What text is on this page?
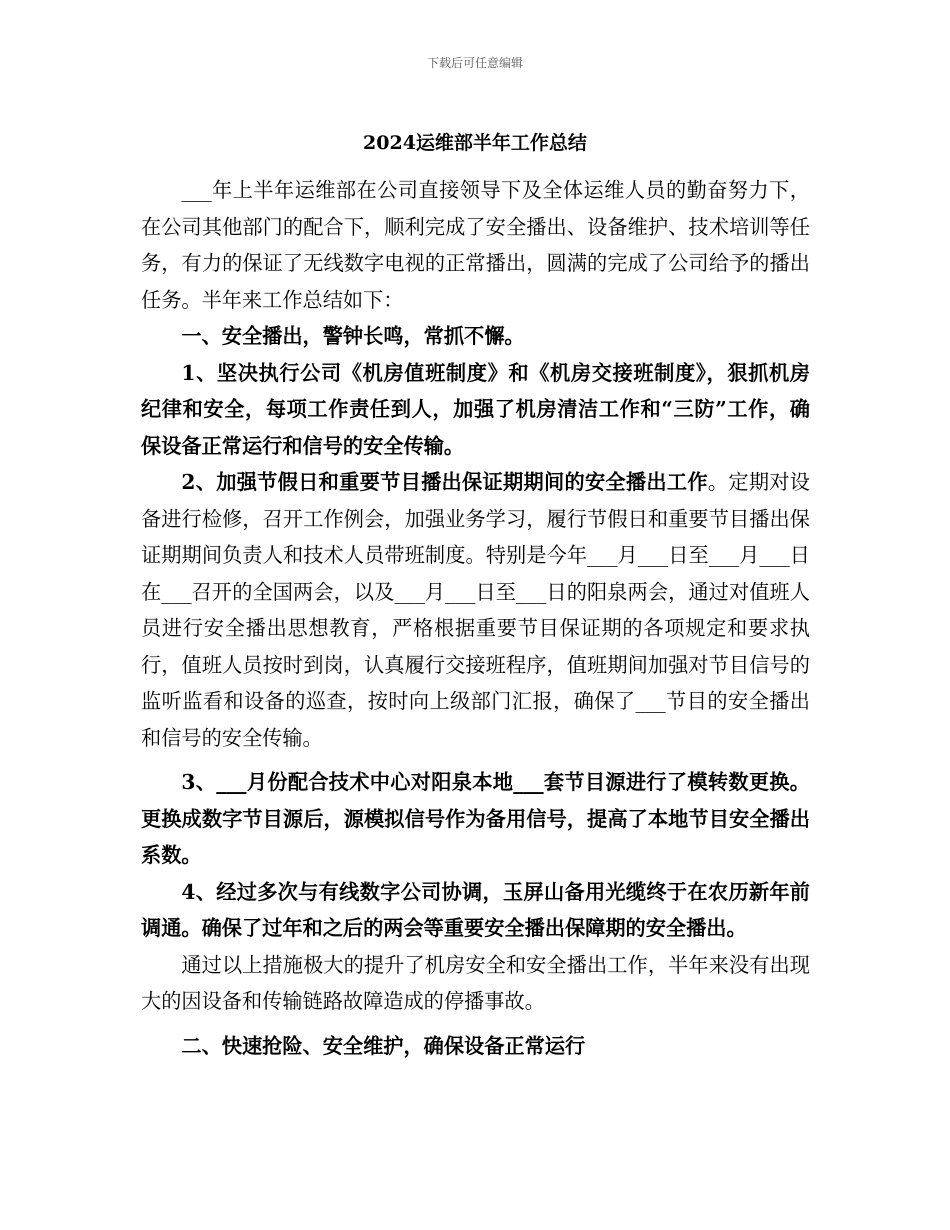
下载后可任意编辑
2024运维部半年工作总结

___年上半年运维部在公司直接领导下及全体运维人员的勤奋努力下，在公司其他部门的配合下，顺利完成了安全播出、设备维护、技术培训等任务，有力的保证了无线数字电视的正常播出，圆满的完成了公司给予的播出任务。半年来工作总结如下：

一、安全播出，警钟长鸣，常抓不懈。

1、坚决执行公司《机房值班制度》和《机房交接班制度》，狠抓机房纪律和安全，每项工作责任到人，加强了机房清洁工作和“三防”工作，确保设备正常运行和信号的安全传输。

2、加强节假日和重要节目播出保证期期间的安全播出工作。定期对设备进行检修，召开工作例会，加强业务学习，履行节假日和重要节目播出保证期期间负责人和技术人员带班制度。特别是今年___月___日至___月___日在___召开的全国两会，以及___月___日至___日的阳泉两会，通过对值班人员进行安全播出思想教育，严格根据重要节目保证期的各项规定和要求执行，值班人员按时到岗，认真履行交接班程序，值班期间加强对节目信号的监听监看和设备的巡查，按时向上级部门汇报，确保了___节目的安全播出和信号的安全传输。

3、___月份配合技术中心对阳泉本地___套节目源进行了模转数更换。更换成数字节目源后，源模拟信号作为备用信号，提高了本地节目安全播出系数。

4、经过多次与有线数字公司协调，玉屏山备用光缆终于在农历新年前调通。确保了过年和之后的两会等重要安全播出保障期的安全播出。

通过以上措施极大的提升了机房安全和安全播出工作，半年来没有出现大的因设备和传输链路故障造成的停播事故。

二、快速抢险、安全维护，确保设备正常运行
